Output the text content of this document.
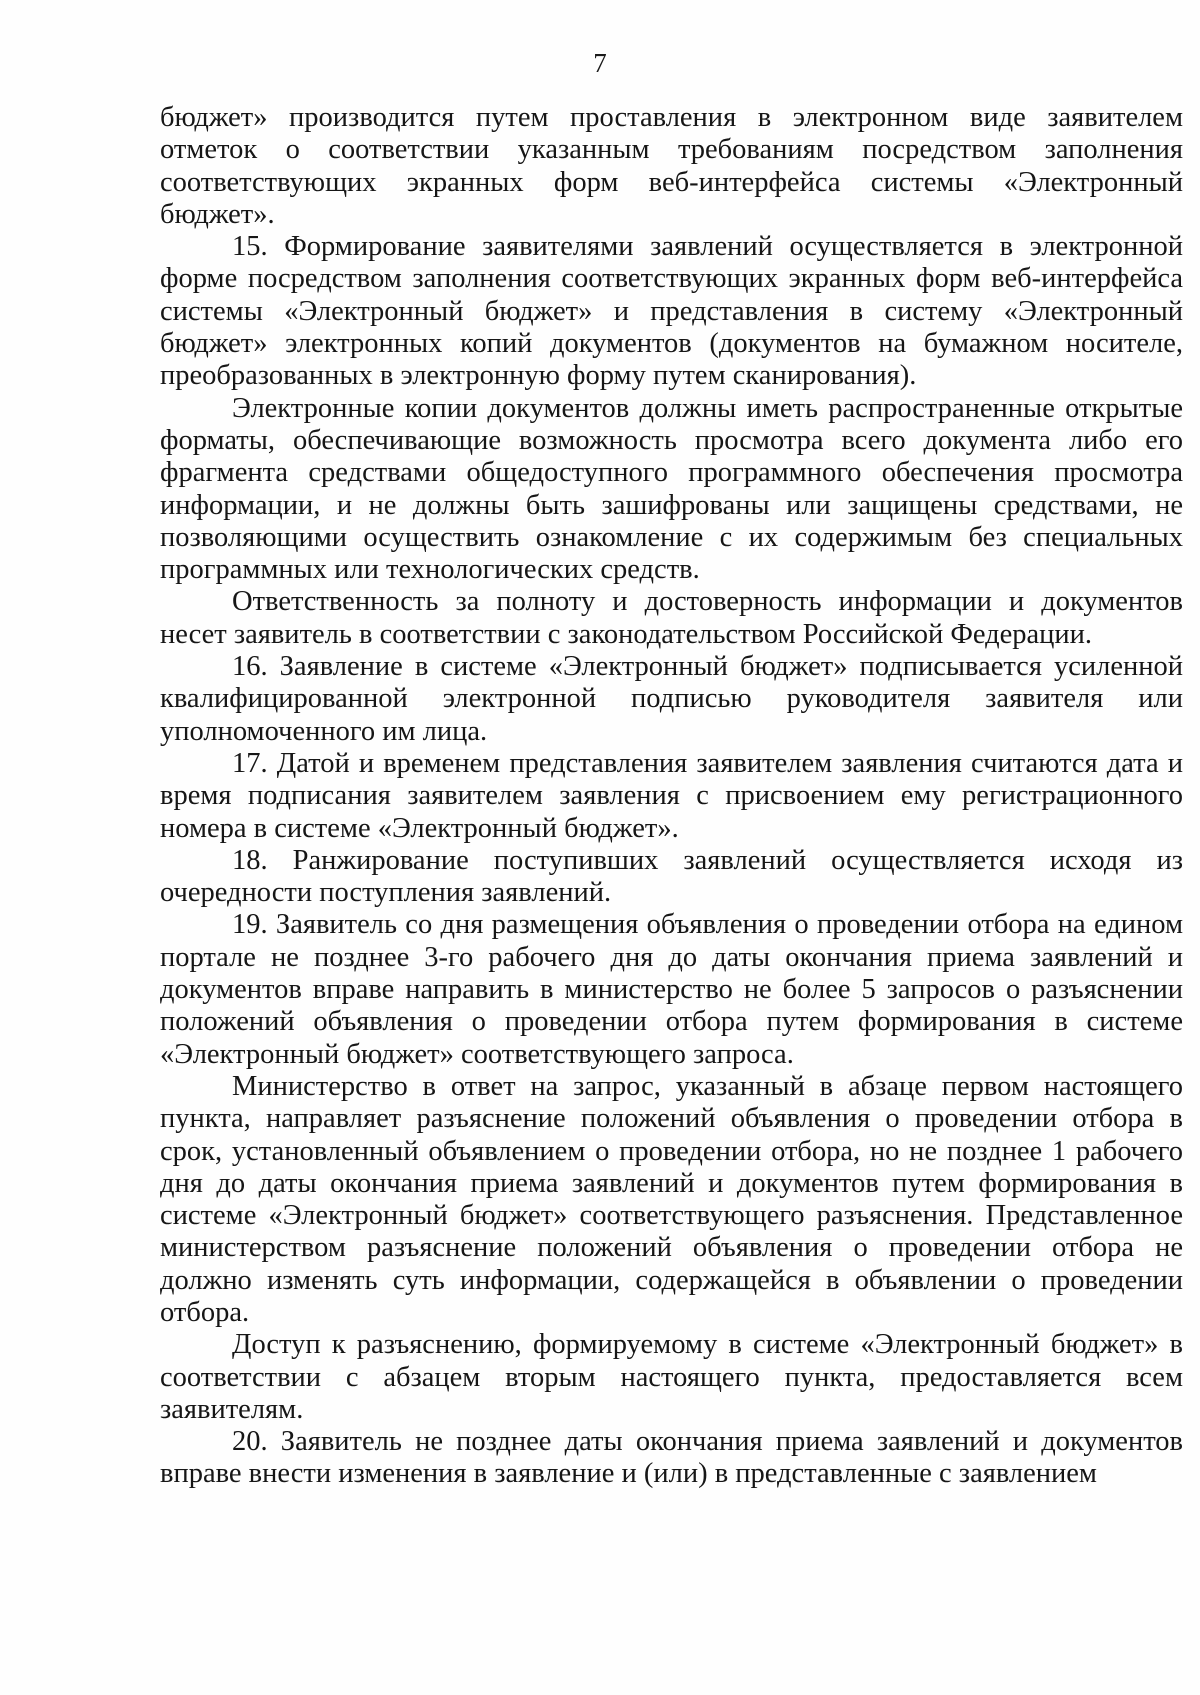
7

бюджет» производится путем проставления в электронном виде заявителем отметок о соответствии указанным требованиям посредством заполнения соответствующих экранных форм веб-интерфейса системы «Электронный бюджет».

15. Формирование заявителями заявлений осуществляется в электронной форме посредством заполнения соответствующих экранных форм веб-интерфейса системы «Электронный бюджет» и представления в систему «Электронный бюджет» электронных копий документов (документов на бумажном носителе, преобразованных в электронную форму путем сканирования).

Электронные копии документов должны иметь распространенные открытые форматы, обеспечивающие возможность просмотра всего документа либо его фрагмента средствами общедоступного программного обеспечения просмотра информации, и не должны быть зашифрованы или защищены средствами, не позволяющими осуществить ознакомление с их содержимым без специальных программных или технологических средств.

Ответственность за полноту и достоверность информации и документов несет заявитель в соответствии с законодательством Российской Федерации.

16. Заявление в системе «Электронный бюджет» подписывается усиленной квалифицированной электронной подписью руководителя заявителя или уполномоченного им лица.

17. Датой и временем представления заявителем заявления считаются дата и время подписания заявителем заявления с присвоением ему регистрационного номера в системе «Электронный бюджет».

18. Ранжирование поступивших заявлений осуществляется исходя из очередности поступления заявлений.

19. Заявитель со дня размещения объявления о проведении отбора на едином портале не позднее 3-го рабочего дня до даты окончания приема заявлений и документов вправе направить в министерство не более 5 запросов о разъяснении положений объявления о проведении отбора путем формирования в системе «Электронный бюджет» соответствующего запроса.

Министерство в ответ на запрос, указанный в абзаце первом настоящего пункта, направляет разъяснение положений объявления о проведении отбора в срок, установленный объявлением о проведении отбора, но не позднее 1 рабочего дня до даты окончания приема заявлений и документов путем формирования в системе «Электронный бюджет» соответствующего разъяснения. Представленное министерством разъяснение положений объявления о проведении отбора не должно изменять суть информации, содержащейся в объявлении о проведении отбора.

Доступ к разъяснению, формируемому в системе «Электронный бюджет» в соответствии с абзацем вторым настоящего пункта, предоставляется всем заявителям.

20. Заявитель не позднее даты окончания приема заявлений и документов вправе внести изменения в заявление и (или) в представленные с заявлением
